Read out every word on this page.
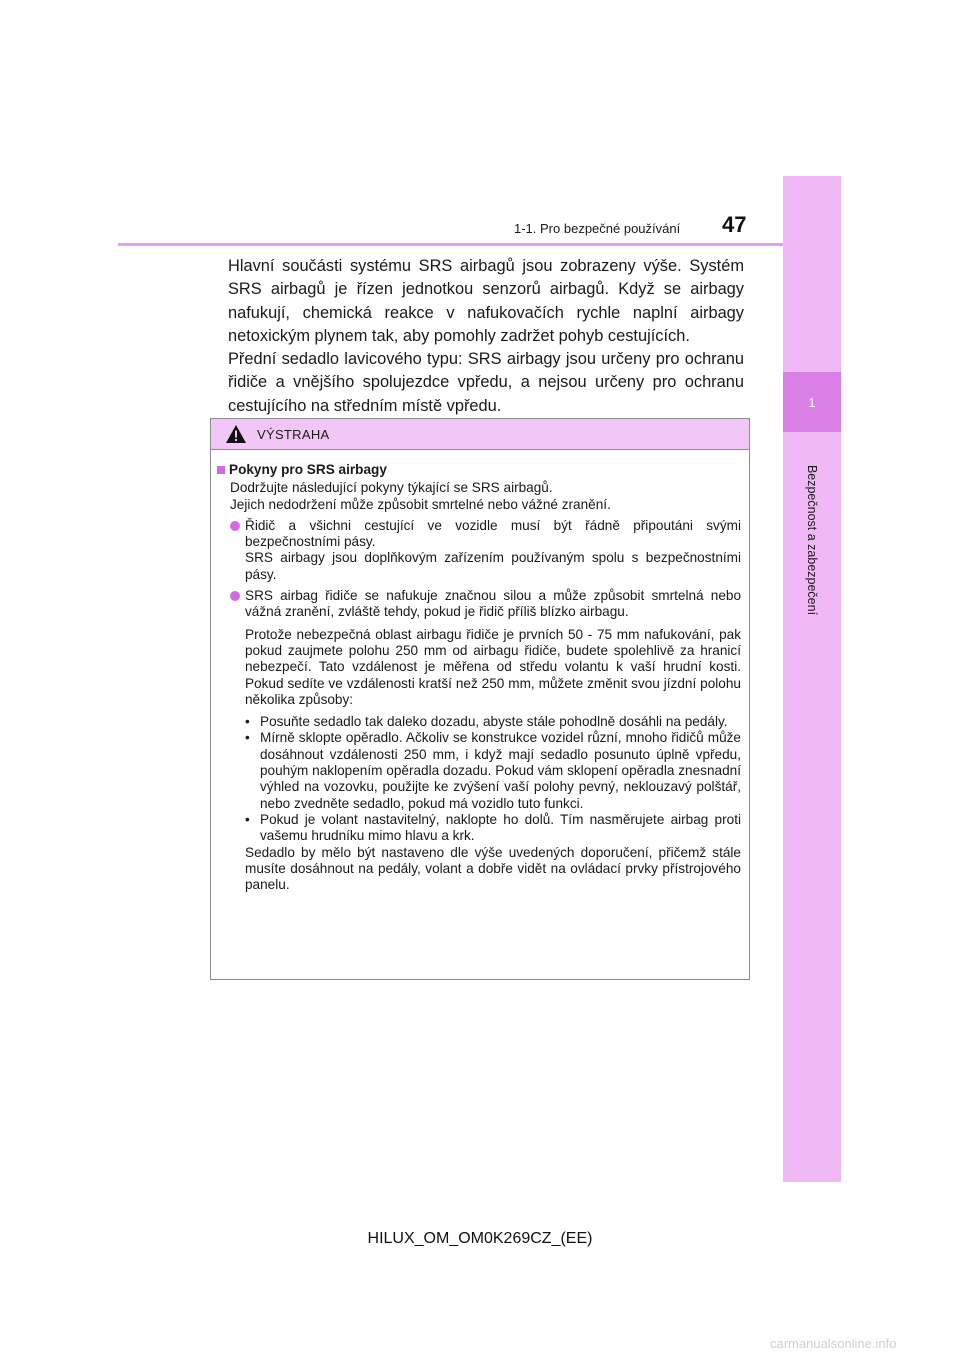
1
Bezpečnost a zabezpečení
1-1. Pro bezpečné používání 47

Hlavní součásti systému SRS airbagů jsou zobrazeny výše. Systém SRS airbagů je řízen jednotkou senzorů airbagů. Když se airbagy nafukují, chemická reakce v nafukovačích rychle naplní airbagy netoxickým plynem tak, aby pomohly zadržet pohyb cestujících.

Přední sedadlo lavicového typu: SRS airbagy jsou určeny pro ochranu řidiče a vnějšího spolujezdce vpředu, a nejsou určeny pro ochranu cestujícího na středním místě vpředu.

VÝSTRAHA
Pokyny pro SRS airbagy
Dodržujte následující pokyny týkající se SRS airbagů.
Jejich nedodržení může způsobit smrtelné nebo vážné zranění.
Řidič a všichni cestující ve vozidle musí být řádně připoutáni svými bezpečnostními pásy.
SRS airbagy jsou doplňkovým zařízením používaným spolu s bezpečnostními pásy.
SRS airbag řidiče se nafukuje značnou silou a může způsobit smrtelná nebo vážná zranění, zvláště tehdy, pokud je řidič příliš blízko airbagu.
Protože nebezpečná oblast airbagu řidiče je prvních 50 - 75 mm nafukování, pak pokud zaujmete polohu 250 mm od airbagu řidiče, budete spolehlivě za hranicí nebezpečí. Tato vzdálenost je měřena od středu volantu k vaší hrudní kosti. Pokud sedíte ve vzdálenosti kratší než 250 mm, můžete změnit svou jízdní polohu několika způsoby:
• Posuňte sedadlo tak daleko dozadu, abyste stále pohodlně dosáhli na pedály.
• Mírně sklopte opěradlo. Ačkoliv se konstrukce vozidel různí, mnoho řidičů může dosáhnout vzdálenosti 250 mm, i když mají sedadlo posunuto úplně vpředu, pouhým naklopením opěradla dozadu. Pokud vám sklopení opěradla znesnadní výhled na vozovku, použijte ke zvýšení vaší polohy pevný, neklouzavý polštář, nebo zvedněte sedadlo, pokud má vozidlo tuto funkci.
• Pokud je volant nastavitelný, naklopte ho dolů. Tím nasměrujete airbag proti vašemu hrudníku mimo hlavu a krk.
Sedadlo by mělo být nastaveno dle výše uvedených doporučení, přičemž stále musíte dosáhnout na pedály, volant a dobře vidět na ovládací prvky přístrojového panelu.
HILUX_OM_OM0K269CZ_(EE)
carmanualsonline.info
